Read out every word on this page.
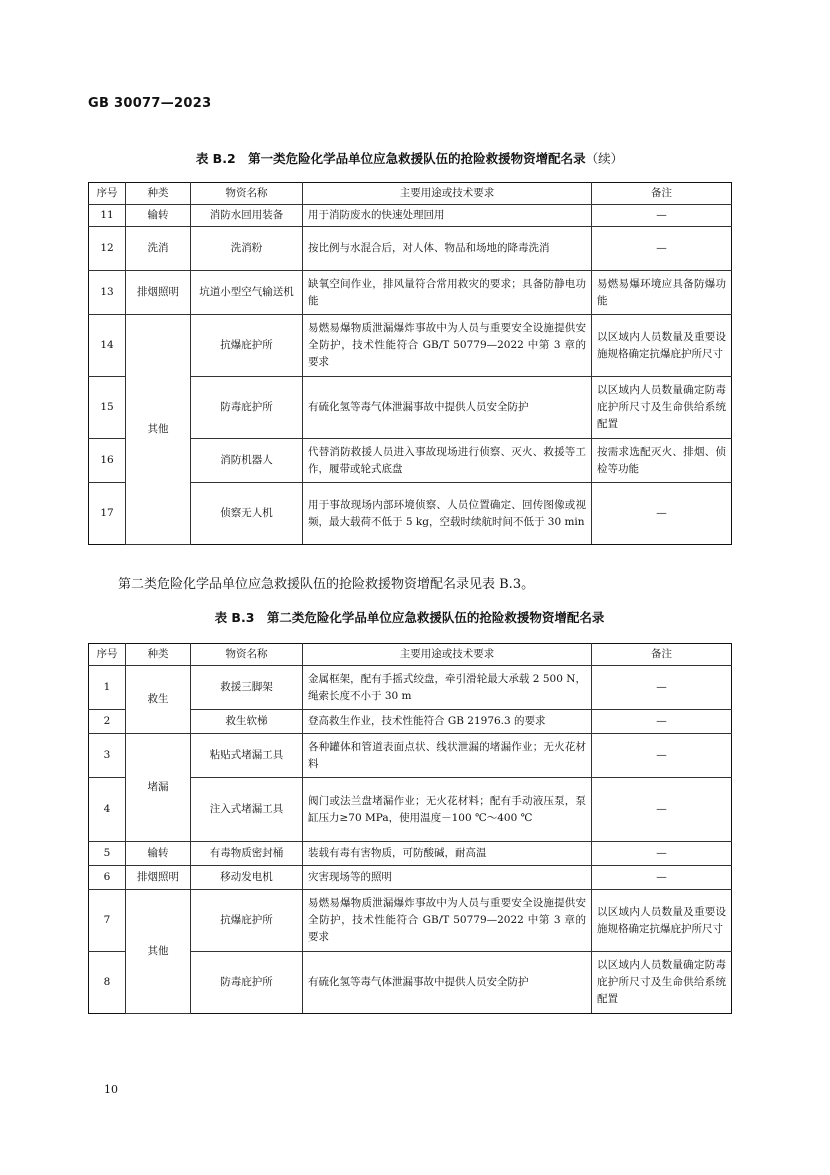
GB 30077—2023
表 B.2　第一类危险化学品单位应急救援队伍的抢险救援物资增配名录（续）
序号	种类	物资名称	主要用途或技术要求	备注
11	输转	消防水回用装备	用于消防废水的快速处理回用	—
12	洗消	洗消粉	按比例与水混合后，对人体、物品和场地的降毒洗消	—
13	排烟照明	坑道小型空气输送机	缺氧空间作业，排风量符合常用救灾的要求；具备防静电功能	易燃易爆环境应具备防爆功能
14	其他	抗爆庇护所	易燃易爆物质泄漏爆炸事故中为人员与重要安全设施提供安全防护，技术性能符合 GB/T 50779—2022 中第 3 章的要求	以区域内人员数量及重要设施规格确定抗爆庇护所尺寸
15		防毒庇护所	有硫化氢等毒气体泄漏事故中提供人员安全防护	以区域内人员数量确定防毒庇护所尺寸及生命供给系统配置
16		消防机器人	代替消防救援人员进入事故现场进行侦察、灭火、救援等工作，履带或轮式底盘	按需求选配灭火、排烟、侦检等功能
17		侦察无人机	用于事故现场内部环境侦察、人员位置确定、回传图像或视频，最大载荷不低于 5 kg，空载时续航时间不低于 30 min	—
第二类危险化学品单位应急救援队伍的抢险救援物资增配名录见表 B.3。
表 B.3　第二类危险化学品单位应急救援队伍的抢险救援物资增配名录
序号	种类	物资名称	主要用途或技术要求	备注
1	救生	救援三脚架	金属框架，配有手摇式绞盘，牵引滑轮最大承载 2 500 N，绳索长度不小于 30 m	—
2		救生软梯	登高救生作业，技术性能符合 GB 21976.3 的要求	—
3	堵漏	粘贴式堵漏工具	各种罐体和管道表面点状、线状泄漏的堵漏作业；无火花材料	—
4		注入式堵漏工具	阀门或法兰盘堵漏作业；无火花材料；配有手动液压泵，泵缸压力≥70 MPa，使用温度－100 ℃～400 ℃	—
5	输转	有毒物质密封桶	装载有毒有害物质，可防酸碱，耐高温	—
6	排烟照明	移动发电机	灾害现场等的照明	—
7	其他	抗爆庇护所	易燃易爆物质泄漏爆炸事故中为人员与重要安全设施提供安全防护，技术性能符合 GB/T 50779—2022 中第 3 章的要求	以区域内人员数量及重要设施规格确定抗爆庇护所尺寸
8		防毒庇护所	有硫化氢等毒气体泄漏事故中提供人员安全防护	以区域内人员数量确定防毒庇护所尺寸及生命供给系统配置
10
